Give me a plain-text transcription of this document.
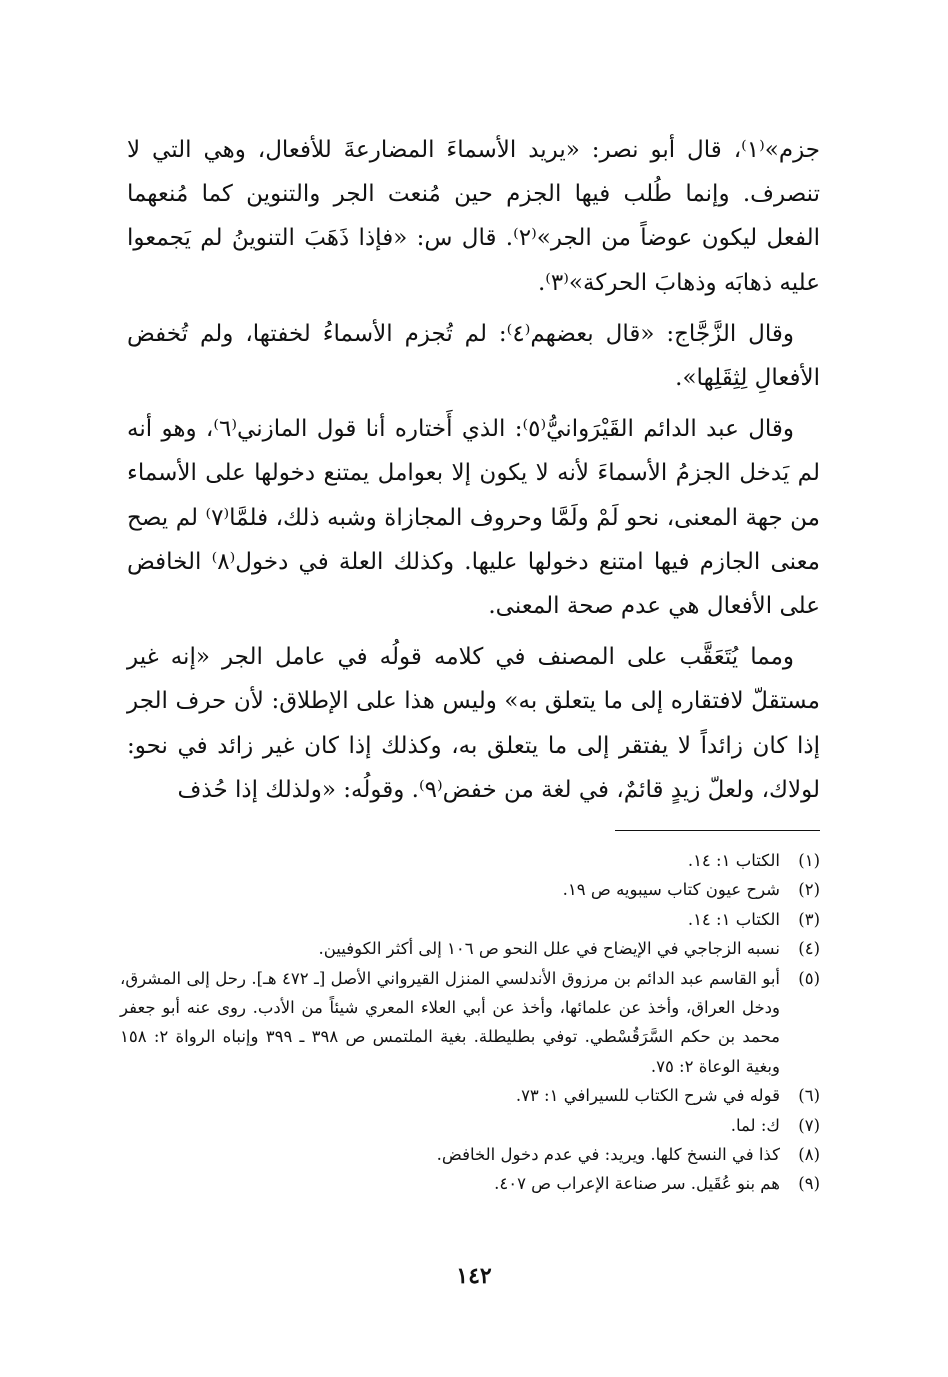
جزم»⁽١⁾، قال أبو نصر: «يريد الأسماءَ المضارعةَ للأفعال، وهي التي لا تنصرف. وإنما طُلب فيها الجزم حين مُنعت الجر والتنوين كما مُنعهما الفعل ليكون عوضاً من الجر»⁽٢⁾. قال س: «فإذا ذَهَبَ التنوينُ لم يَجمعوا عليه ذهابَه وذهابَ الحركة»⁽٣⁾.

وقال الزَّجَّاج: «قال بعضهم⁽٤⁾: لم تُجزم الأسماءُ لخفتها، ولم تُخفض الأفعالِ لِثِقَلِها».

وقال عبد الدائم القَيْرَوانيُّ⁽٥⁾: الذي أَختاره أنا قول المازني⁽٦⁾، وهو أنه لم يَدخل الجزمُ الأسماءَ لأنه لا يكون إلا بعوامل يمتنع دخولها على الأسماء من جهة المعنى، نحو لَمْ ولَمَّا وحروف المجازاة وشبه ذلك، فلمَّا⁽٧⁾ لم يصح معنى الجازم فيها امتنع دخولها عليها. وكذلك العلة في دخول⁽٨⁾ الخافض على الأفعال هي عدم صحة المعنى.

ومما يُتَعَقَّب على المصنف في كلامه قولُه في عامل الجر «إنه غير مستقلّ لافتقاره إلى ما يتعلق به» وليس هذا على الإطلاق: لأن حرف الجر إذا كان زائداً لا يفتقر إلى ما يتعلق به، وكذلك إذا كان غير زائد في نحو: لولاك، ولعلّ زيدٍ قائمٌ، في لغة من خفض⁽٩⁾. وقولُه: «ولذلك إذا حُذف

(١)
الكتاب ١: ١٤.
(٢)
شرح عيون كتاب سيبويه ص ١٩.
(٣)
الكتاب ١: ١٤.
(٤)
نسبه الزجاجي في الإيضاح في علل النحو ص ١٠٦ إلى أكثر الكوفيين.
(٥)
أبو القاسم عبد الدائم بن مرزوق الأندلسي المنزل القيرواني الأصل [ـ ٤٧٢ هـ]. رحل إلى المشرق، ودخل العراق، وأخذ عن علمائها، وأخذ عن أبي العلاء المعري شيئاً من الأدب. روى عنه أبو جعفر محمد بن حكم السَّرَقُسْطي. توفي بطليطلة. بغية الملتمس ص ٣٩٨ ـ ٣٩٩ وإنباه الرواة ٢: ١٥٨ وبغية الوعاة ٢: ٧٥.
(٦)
قوله في شرح الكتاب للسيرافي ١: ٧٣.
(٧)
ك: لما.
(٨)
كذا في النسخ كلها. ويريد: في عدم دخول الخافض.
(٩)
هم بنو عُقَيل. سر صناعة الإعراب ص ٤٠٧.
١٤٢
